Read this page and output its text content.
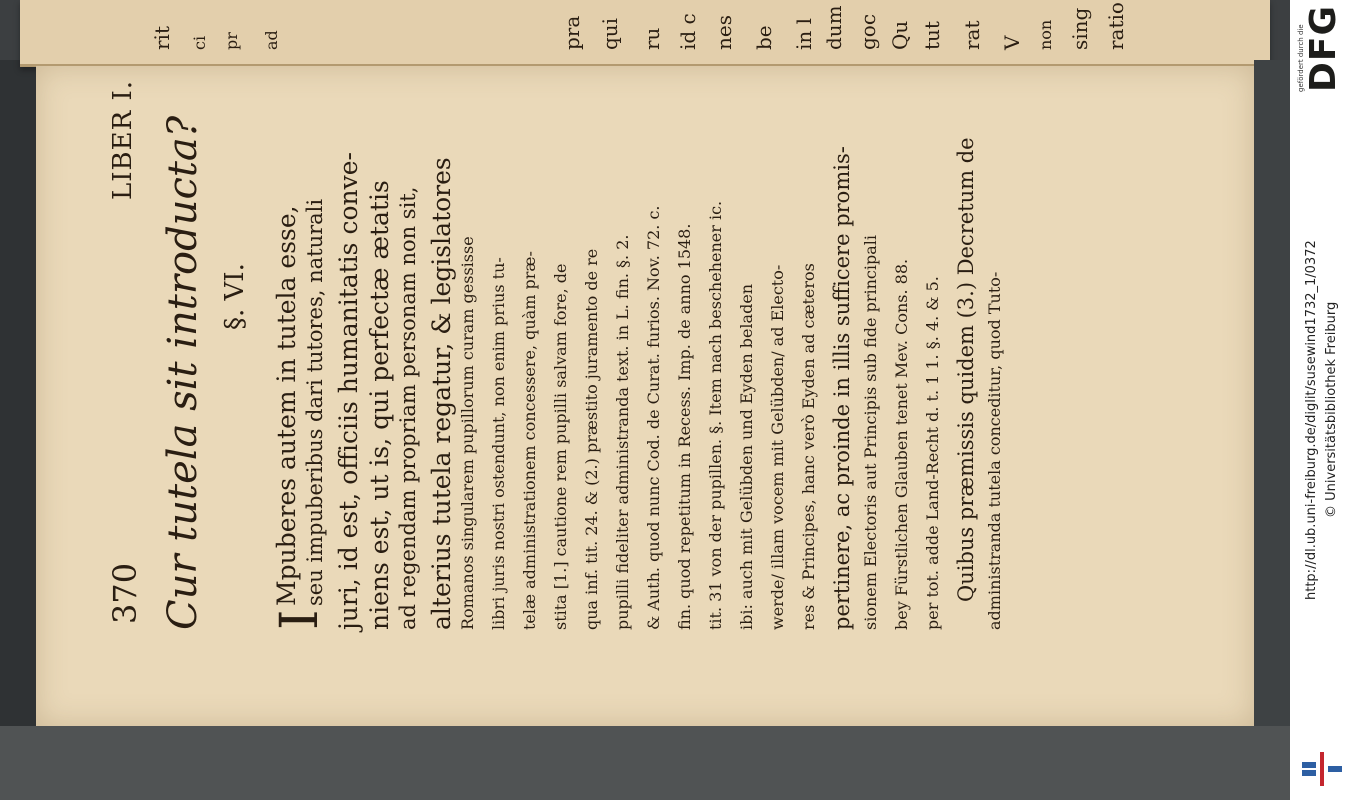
rit ci pr ad	pra qui ru id c nes be in l dum goc Qu tut rat V non sing ratio
370
LIBER I. Cur tutela sit introducta? §. VI.
I
Mpuberes autem in tutela esse, seu impuberibus dari tutores, naturali juri, id est, officiis humanitatis conve- niens est, ut is, qui perfectæ ætatis ad regendam propriam personam non sit, alterius tutela regatur, & legislatores Romanos singularem pupillorum curam gessisse libri juris nostri ostendunt, non enim prius tu- telæ administrationem concessere, quàm præ- stita [1.] cautione rem pupilli salvam fore, de qua inf. tit. 24. & (2.) præstito juramento de re pupilli fideliter administranda text. in L. fin. §. 2. & Auth. quod nunc Cod. de Curat. furios. Nov. 72. c. fin. quod repetitum in Recess. Imp. de anno 1548. tit. 31 von der pupillen. §. Item nach beschehener ic. ibi: auch mit Gelübden und Eyden beladen werde/ illam vocem mit Gelübden/ ad Electo- res & Principes, hanc verò Eyden ad cæteros pertinere, ac proinde in illis sufficere promis- sionem Electoris aut Principis sub fide principali bey Fürstlichen Glauben tenet Mev. Cons. 88. per tot. adde Land-Recht d. t. 1 1. §. 4. & 5. Quibus præmissis quidem (3.) Decretum de administranda tutela conceditur, quod Tuto-
gefördert durch die
DFG
http://dl.ub.uni-freiburg.de/diglit/susewind1732_1/0372 © Universitätsbibliothek Freiburg
